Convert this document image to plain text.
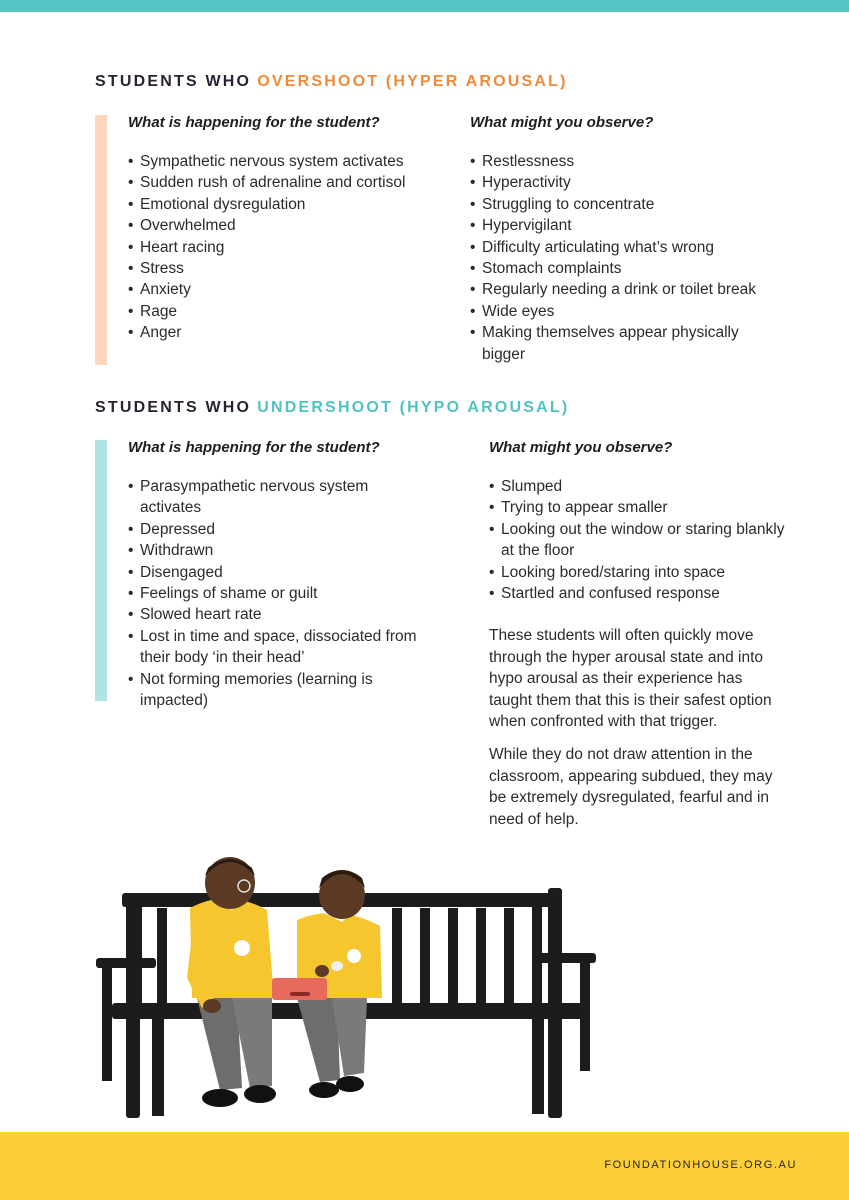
STUDENTS WHO OVERSHOOT (HYPER AROUSAL)
What is happening for the student?
• Sympathetic nervous system activates
• Sudden rush of adrenaline and cortisol
• Emotional dysregulation
• Overwhelmed
• Heart racing
• Stress
• Anxiety
• Rage
• Anger
What might you observe?
• Restlessness
• Hyperactivity
• Struggling to concentrate
• Hypervigilant
• Difficulty articulating what’s wrong
• Stomach complaints
• Regularly needing a drink or toilet break
• Wide eyes
• Making themselves appear physically bigger
STUDENTS WHO UNDERSHOOT (HYPO AROUSAL)
What is happening for the student?
• Parasympathetic nervous system activates
• Depressed
• Withdrawn
• Disengaged
• Feelings of shame or guilt
• Slowed heart rate
• Lost in time and space, dissociated from their body ‘in their head’
• Not forming memories (learning is impacted)
What might you observe?
• Slumped
• Trying to appear smaller
• Looking out the window or staring blankly at the floor
• Looking bored/staring into space
• Startled and confused response

These students will often quickly move through the hyper arousal state and into hypo arousal as their experience has taught them that this is their safest option when confronted with that trigger.

While they do not draw attention in the classroom, appearing subdued, they may be extremely dysregulated, fearful and in need of help.

FOUNDATIONHOUSE.ORG.AU
